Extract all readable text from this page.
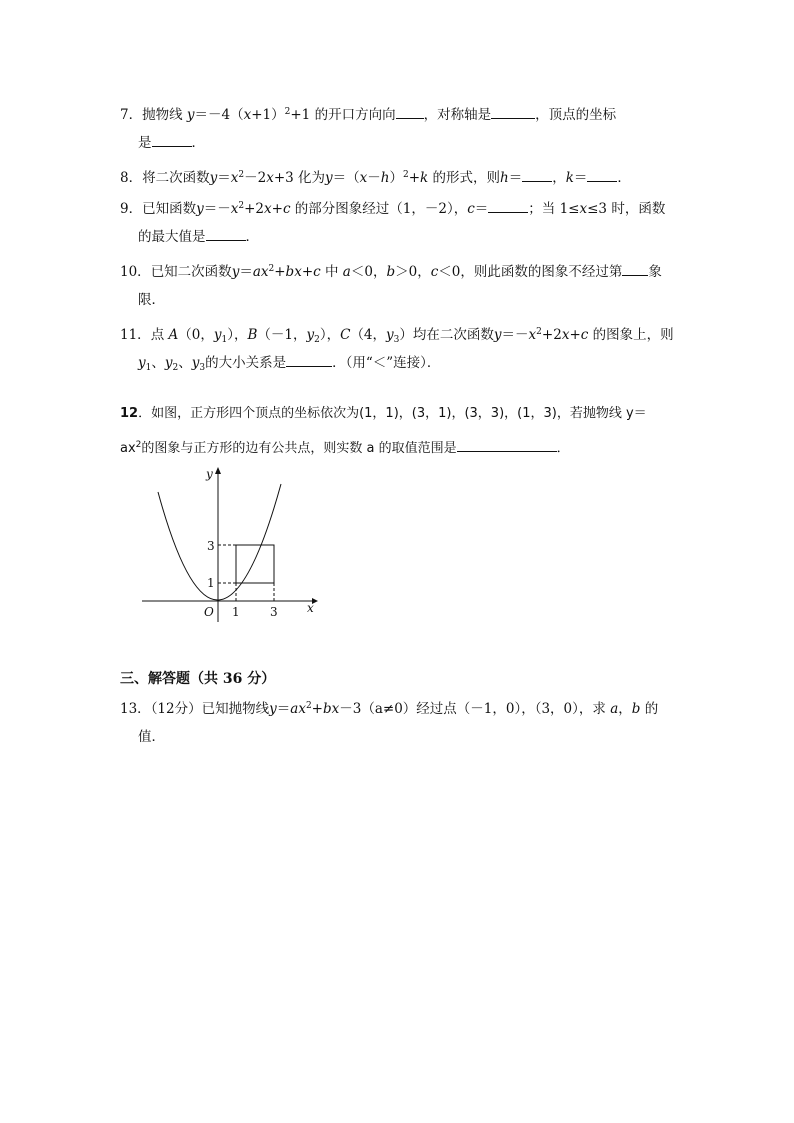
7．抛物线 $y=-4(x+1)^2+1$ 的开口方向向 ，对称轴是	，顶点的坐标
是	．
8．将二次函数$y=x^2-2x+3$ 化为$y=(x-h)^2+k$ 的形式，则h＝ ，k＝ ．
9．已知函数$y=-x^2+2x+c$ 的部分图象经过（1，－2），c＝	；当 1≤x≤3 时，函数
的最大值是	．
10．已知二次函数$y=ax^2+bx+c$ 中 a＜0，b＞0，c＜0，则此函数的图象不经过第 象
限．
11．点 A（0，$y_1$），B（－1，$y_2$），C（4，$y_3$）均在二次函数$y=-x^2+2x+c$ 的图象上，则
$y_1$、$y_2$、$y_3$的大小关系是	．（用“＜”连接）．
12．如图，正方形四个顶点的坐标依次为(1，1)，(3，1)，(3，3)，(1，3)，若抛物线 y＝
$ax^2$的图象与正方形的边有公共点，则实数 a 的取值范围是	．
y
x
O 1	3
1
3
三、解答题（共 36 分）
13．（12分）已知抛物线$y=ax^2+bx-3(a\ne 0)$经过点（－1，0），（3，0），求 a，b 的
值．
